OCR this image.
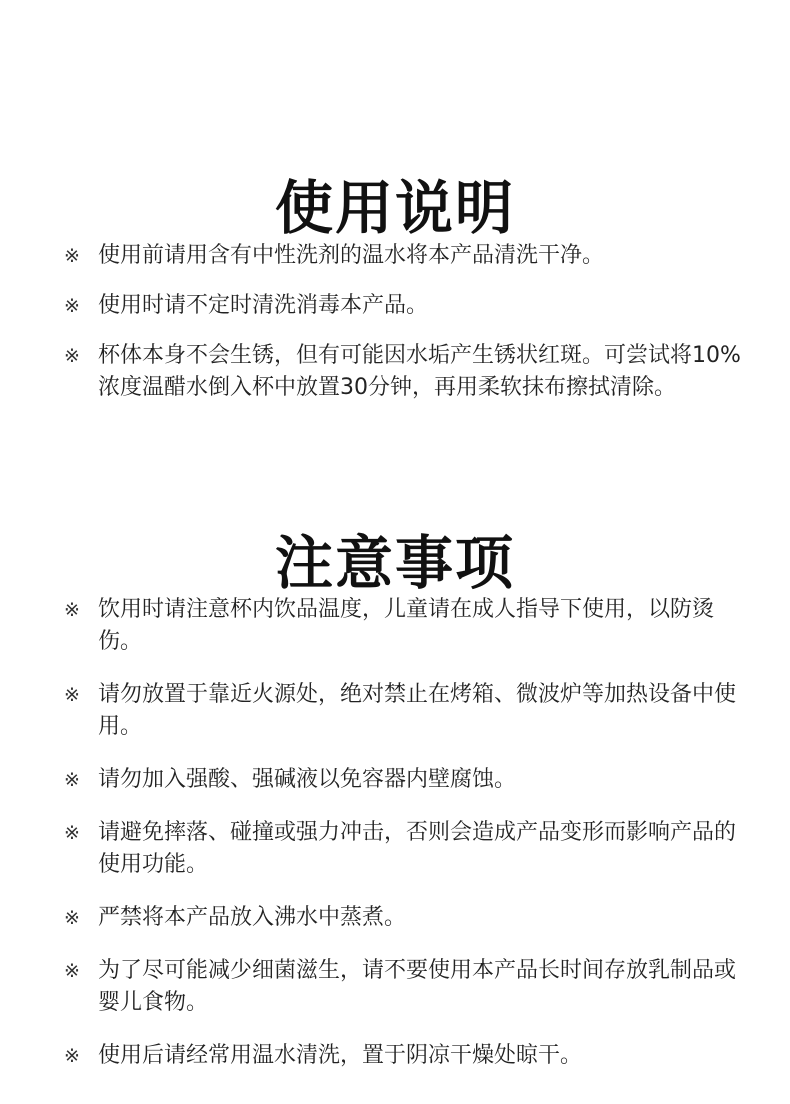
使用说明
※ 使用前请用含有中性洗剂的温水将本产品清洗干净。
※ 使用时请不定时清洗消毒本产品。
※ 杯体本身不会生锈，但有可能因水垢产生锈状红斑。可尝试将10%浓度温醋水倒入杯中放置30分钟，再用柔软抹布擦拭清除。
注意事项
※ 饮用时请注意杯内饮品温度，儿童请在成人指导下使用，以防烫伤。
※ 请勿放置于靠近火源处，绝对禁止在烤箱、微波炉等加热设备中使用。
※ 请勿加入强酸、强碱液以免容器内壁腐蚀。
※ 请避免摔落、碰撞或强力冲击，否则会造成产品变形而影响产品的使用功能。
※ 严禁将本产品放入沸水中蒸煮。
※ 为了尽可能减少细菌滋生，请不要使用本产品长时间存放乳制品或婴儿食物。
※ 使用后请经常用温水清洗，置于阴凉干燥处晾干。
